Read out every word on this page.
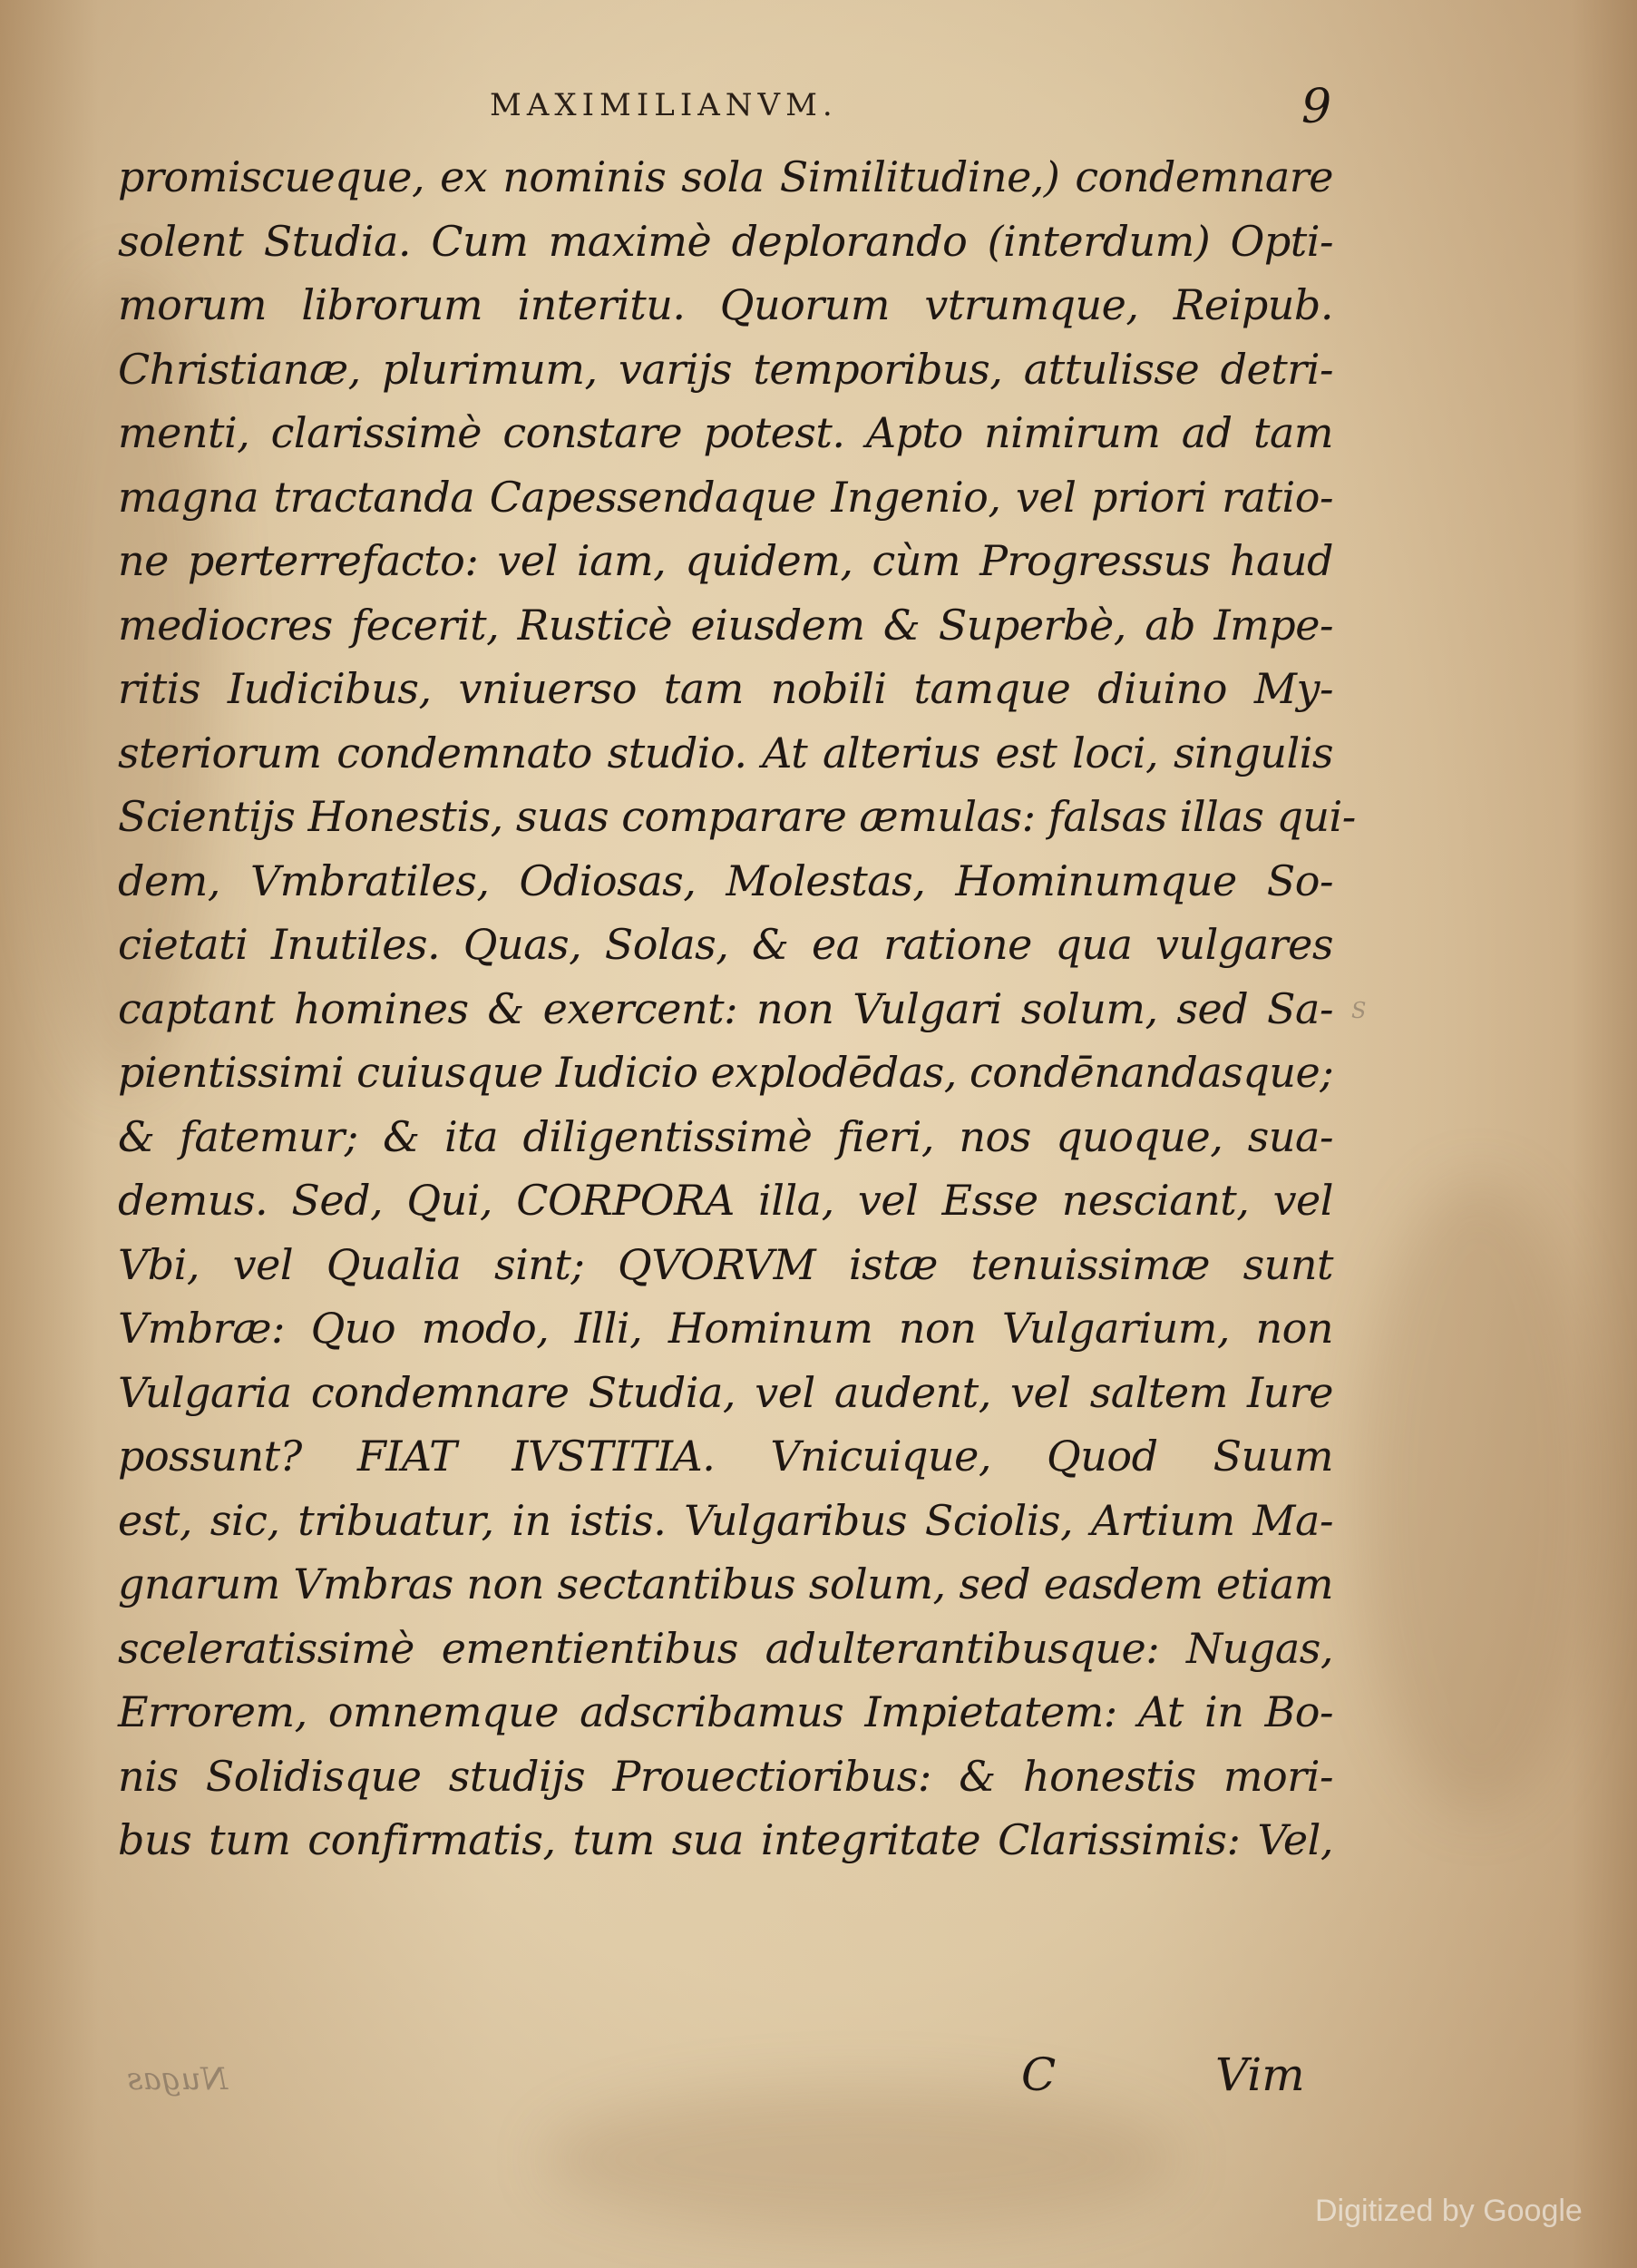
MAXIMILIANVM.	9
promiscueque, ex nominis sola Similitudine,) condemnare
solent Studia. Cum maximè deplorando (interdum) Opti-
morum librorum interitu. Quorum vtrumque, Reipub.
Christianæ, plurimum, varijs temporibus, attulisse detri-
menti, clarissimè constare potest. Apto nimirum ad tam
magna tractanda Capessendaque Ingenio, vel priori ratio-
ne perterrefacto: vel iam, quidem, cùm Progressus haud
mediocres fecerit, Rusticè eiusdem & Superbè, ab Impe-
ritis Iudicibus, vniuerso tam nobili tamque diuino My-
steriorum condemnato studio. At alterius est loci, singulis
Scientijs Honestis, suas comparare æmulas: falsas illas qui-
dem, Vmbratiles, Odiosas, Molestas, Hominumque So-
cietati Inutiles. Quas, Solas, & ea ratione qua vulgares
captant homines & exercent: non Vulgari solum, sed Sa-
pientissimi cuiusque Iudicio explodēdas, condēnandasque;
& fatemur; & ita diligentissimè fieri, nos quoque, sua-
demus. Sed, Qui, CORPORA illa, vel Esse nesciant, vel
Vbi, vel Qualia sint; QVORVM istæ tenuissimæ sunt
Vmbræ: Quo modo, Illi, Hominum non Vulgarium, non
Vulgaria condemnare Studia, vel audent, vel saltem Iure
possunt? FIAT IVSTITIA. Vnicuique, Quod Suum
est, sic, tribuatur, in istis. Vulgaribus Sciolis, Artium Ma-
gnarum Vmbras non sectantibus solum, sed easdem etiam
sceleratissimè ementientibus adulterantibusque: Nugas,
Errorem, omnemque adscribamus Impietatem: At in Bo-
nis Solidisque studijs Prouectioribus: & honestis mori-
bus tum confirmatis, tum sua integritate Clarissimis: Vel,
S
Nugas	C	Vim
Digitized by Google
